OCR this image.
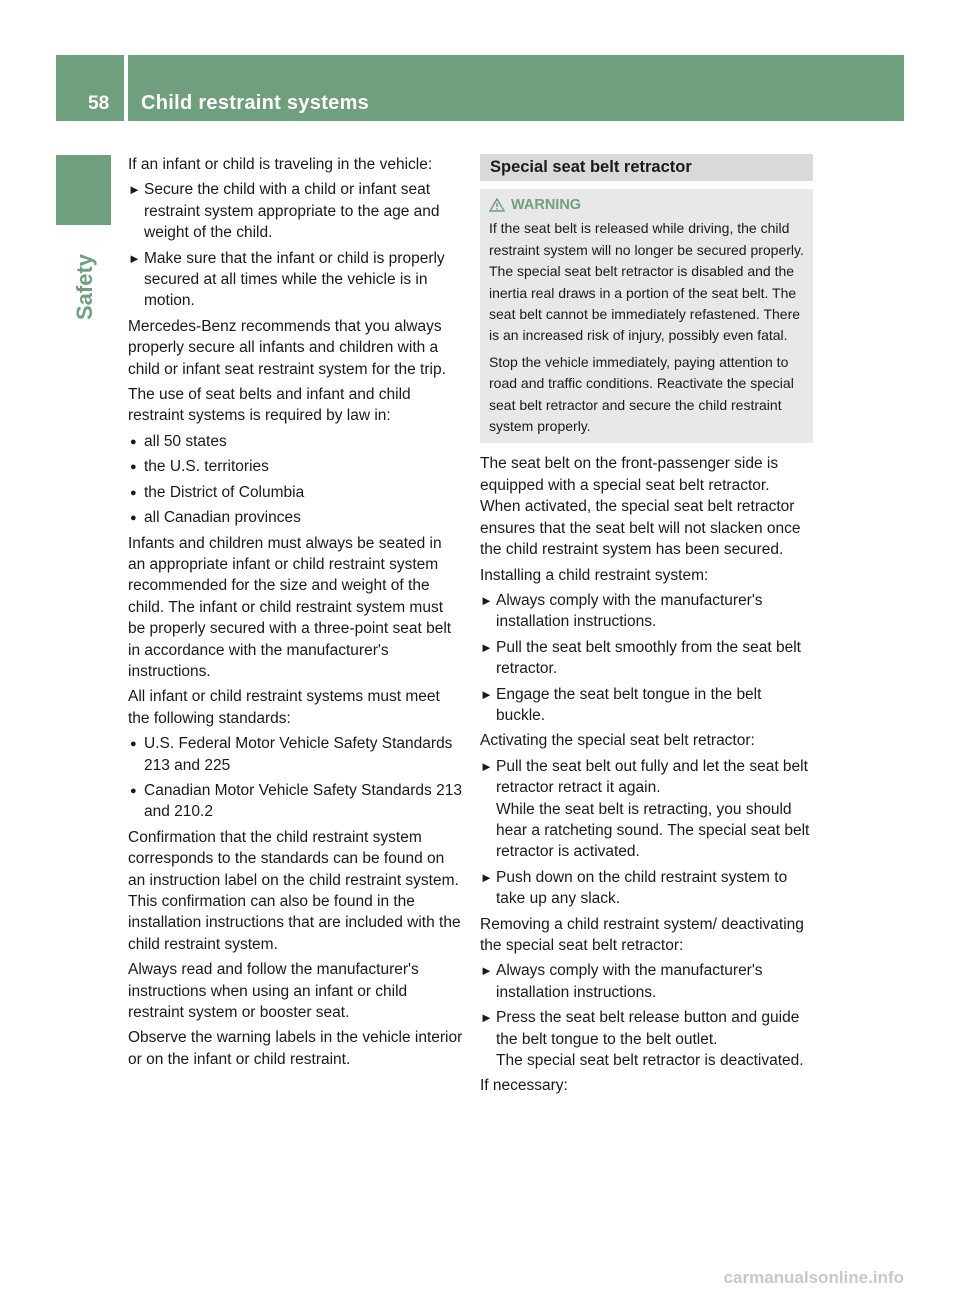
58 Child restraint systems
Safety

If an infant or child is traveling in the vehicle:

► Secure the child with a child or infant seat restraint system appropriate to the age and weight of the child.
► Make sure that the infant or child is properly secured at all times while the vehicle is in motion.

Mercedes-Benz recommends that you always properly secure all infants and children with a child or infant seat restraint system for the trip.

The use of seat belts and infant and child restraint systems is required by law in:

● all 50 states
● the U.S. territories
● the District of Columbia
● all Canadian provinces

Infants and children must always be seated in an appropriate infant or child restraint system recommended for the size and weight of the child. The infant or child restraint system must be properly secured with a three-point seat belt in accordance with the manufacturer's instructions.

All infant or child restraint systems must meet the following standards:

● U.S. Federal Motor Vehicle Safety Standards 213 and 225
● Canadian Motor Vehicle Safety Standards 213 and 210.2

Confirmation that the child restraint system corresponds to the standards can be found on an instruction label on the child restraint system. This confirmation can also be found in the installation instructions that are included with the child restraint system.

Always read and follow the manufacturer's instructions when using an infant or child restraint system or booster seat.

Observe the warning labels in the vehicle interior or on the infant or child restraint.

Special seat belt retractor
WARNING

If the seat belt is released while driving, the child restraint system will no longer be secured properly. The special seat belt retractor is disabled and the inertia real draws in a portion of the seat belt. The seat belt cannot be immediately refastened. There is an increased risk of injury, possibly even fatal.

Stop the vehicle immediately, paying attention to road and traffic conditions. Reactivate the special seat belt retractor and secure the child restraint system properly.

The seat belt on the front-passenger side is equipped with a special seat belt retractor. When activated, the special seat belt retractor ensures that the seat belt will not slacken once the child restraint system has been secured.

Installing a child restraint system:

► Always comply with the manufacturer's installation instructions.
► Pull the seat belt smoothly from the seat belt retractor.
► Engage the seat belt tongue in the belt buckle.

Activating the special seat belt retractor:

► Pull the seat belt out fully and let the seat belt retractor retract it again.
While the seat belt is retracting, you should hear a ratcheting sound. The special seat belt retractor is activated.
► Push down on the child restraint system to take up any slack.

Removing a child restraint system/ deactivating the special seat belt retractor:

► Always comply with the manufacturer's installation instructions.
► Press the seat belt release button and guide the belt tongue to the belt outlet.
The special seat belt retractor is deactivated.

If necessary:

carmanualsonline.info
